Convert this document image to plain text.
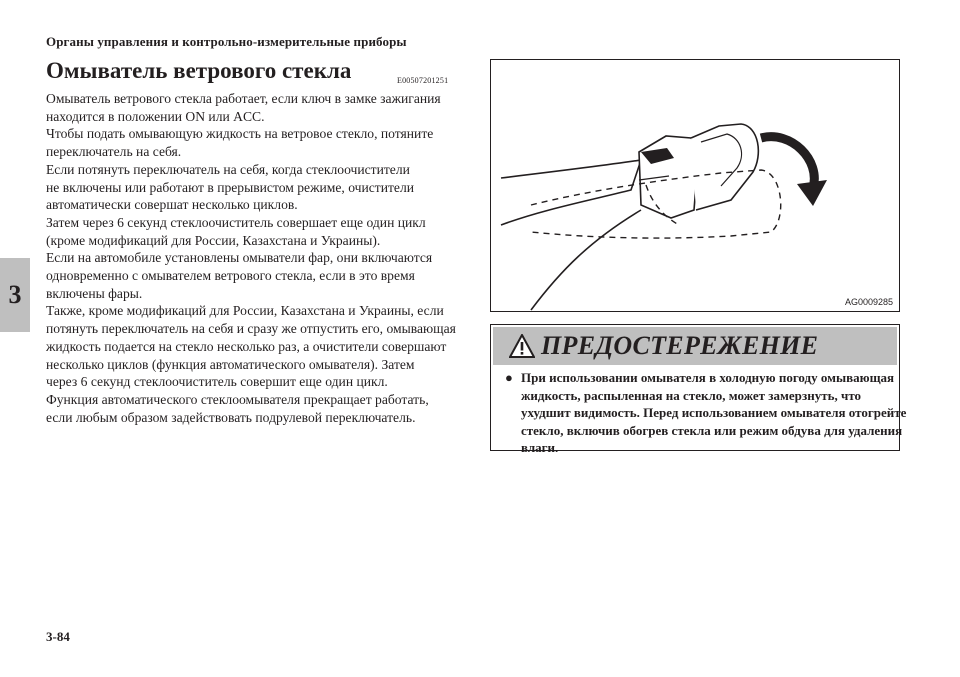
Органы управления и контрольно-измерительные приборы
3
Омыватель ветрового стекла	E00507201251

Омыватель ветрового стекла работает, если ключ в замке зажигания

находится в положении ON или ACC.

Чтобы подать омывающую жидкость на ветровое стекло, потяните

переключатель на себя.

Если потянуть переключатель на себя, когда стеклоочистители

не включены или работают в прерывистом режиме, очистители

автоматически совершат несколько циклов.

Затем через 6 секунд стеклоочиститель совершает еще один цикл

(кроме модификаций для России, Казахстана и Украины).

Если на автомобиле установлены омыватели фар, они включаются

одновременно с омывателем ветрового стекла, если в это время

включены фары.

Также, кроме модификаций для России, Казахстана и Украины, если

потянуть переключатель на себя и сразу же отпустить его, омывающая

жидкость подается на стекло несколько раз, а очистители совершают

несколько циклов (функция автоматического омывателя). Затем

через 6 секунд стеклоочиститель совершит еще один цикл.

Функция автоматического стеклоомывателя прекращает работать,

если любым образом задействовать подрулевой переключатель.

AG0009285
ПРЕДОСТЕРЕЖЕНИЕ
● При использовании омывателя в холодную погоду омывающая

жидкость, распыленная на стекло, может замерзнуть, что

ухудшит видимость. Перед использованием омывателя отогрейте

стекло, включив обогрев стекла или режим обдува для удаления

влаги.

3-84
